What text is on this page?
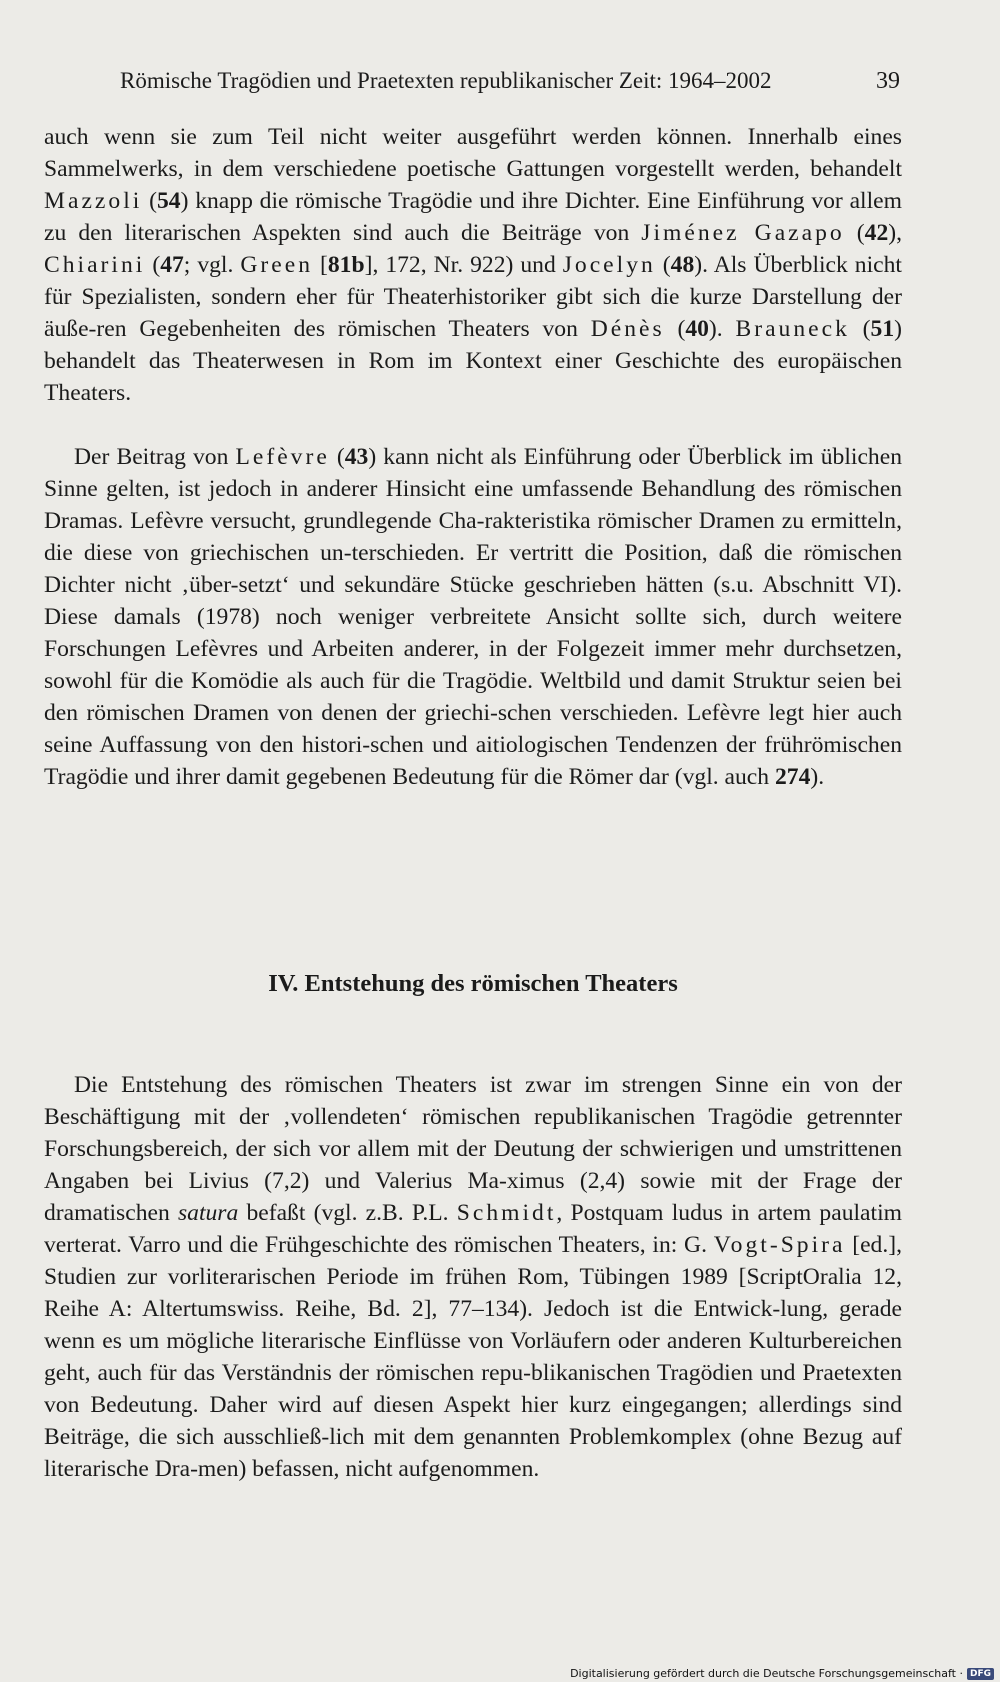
Römische Tragödien und Praetexten republikanischer Zeit: 1964–2002	39

auch wenn sie zum Teil nicht weiter ausgeführt werden können. Innerhalb eines Sammelwerks, in dem verschiedene poetische Gattungen vorgestellt werden, behandelt Mazzoli (54) knapp die römische Tragödie und ihre Dichter. Eine Einführung vor allem zu den literarischen Aspekten sind auch die Beiträge von Jiménez Gazapo (42), Chiarini (47; vgl. Green [81b], 172, Nr. 922) und Jocelyn (48). Als Überblick nicht für Spezialisten, sondern eher für Theaterhistoriker gibt sich die kurze Darstellung der äuße-ren Gegebenheiten des römischen Theaters von Dénès (40). Brauneck (51) behandelt das Theaterwesen in Rom im Kontext einer Geschichte des europäischen Theaters.

Der Beitrag von Lefèvre (43) kann nicht als Einführung oder Überblick im üblichen Sinne gelten, ist jedoch in anderer Hinsicht eine umfassende Behandlung des römischen Dramas. Lefèvre versucht, grundlegende Cha-rakteristika römischer Dramen zu ermitteln, die diese von griechischen un-terschieden. Er vertritt die Position, daß die römischen Dichter nicht ‚über-setzt‘ und sekundäre Stücke geschrieben hätten (s.u. Abschnitt VI). Diese damals (1978) noch weniger verbreitete Ansicht sollte sich, durch weitere Forschungen Lefèvres und Arbeiten anderer, in der Folgezeit immer mehr durchsetzen, sowohl für die Komödie als auch für die Tragödie. Weltbild und damit Struktur seien bei den römischen Dramen von denen der griechi-schen verschieden. Lefèvre legt hier auch seine Auffassung von den histori-schen und aitiologischen Tendenzen der frührömischen Tragödie und ihrer damit gegebenen Bedeutung für die Römer dar (vgl. auch 274).

IV. Entstehung des römischen Theaters

Die Entstehung des römischen Theaters ist zwar im strengen Sinne ein von der Beschäftigung mit der ‚vollendeten‘ römischen republikanischen Tragödie getrennter Forschungsbereich, der sich vor allem mit der Deutung der schwierigen und umstrittenen Angaben bei Livius (7,2) und Valerius Ma-ximus (2,4) sowie mit der Frage der dramatischen satura befaßt (vgl. z.B. P.L. Schmidt, Postquam ludus in artem paulatim verterat. Varro und die Frühgeschichte des römischen Theaters, in: G. Vogt-Spira [ed.], Studien zur vorliterarischen Periode im frühen Rom, Tübingen 1989 [ScriptOralia 12, Reihe A: Altertumswiss. Reihe, Bd. 2], 77–134). Jedoch ist die Entwick-lung, gerade wenn es um mögliche literarische Einflüsse von Vorläufern oder anderen Kulturbereichen geht, auch für das Verständnis der römischen repu-blikanischen Tragödien und Praetexten von Bedeutung. Daher wird auf diesen Aspekt hier kurz eingegangen; allerdings sind Beiträge, die sich ausschließ-lich mit dem genannten Problemkomplex (ohne Bezug auf literarische Dra-men) befassen, nicht aufgenommen.

Digitalisierung gefördert durch die Deutsche Forschungsgemeinschaft · DFG
